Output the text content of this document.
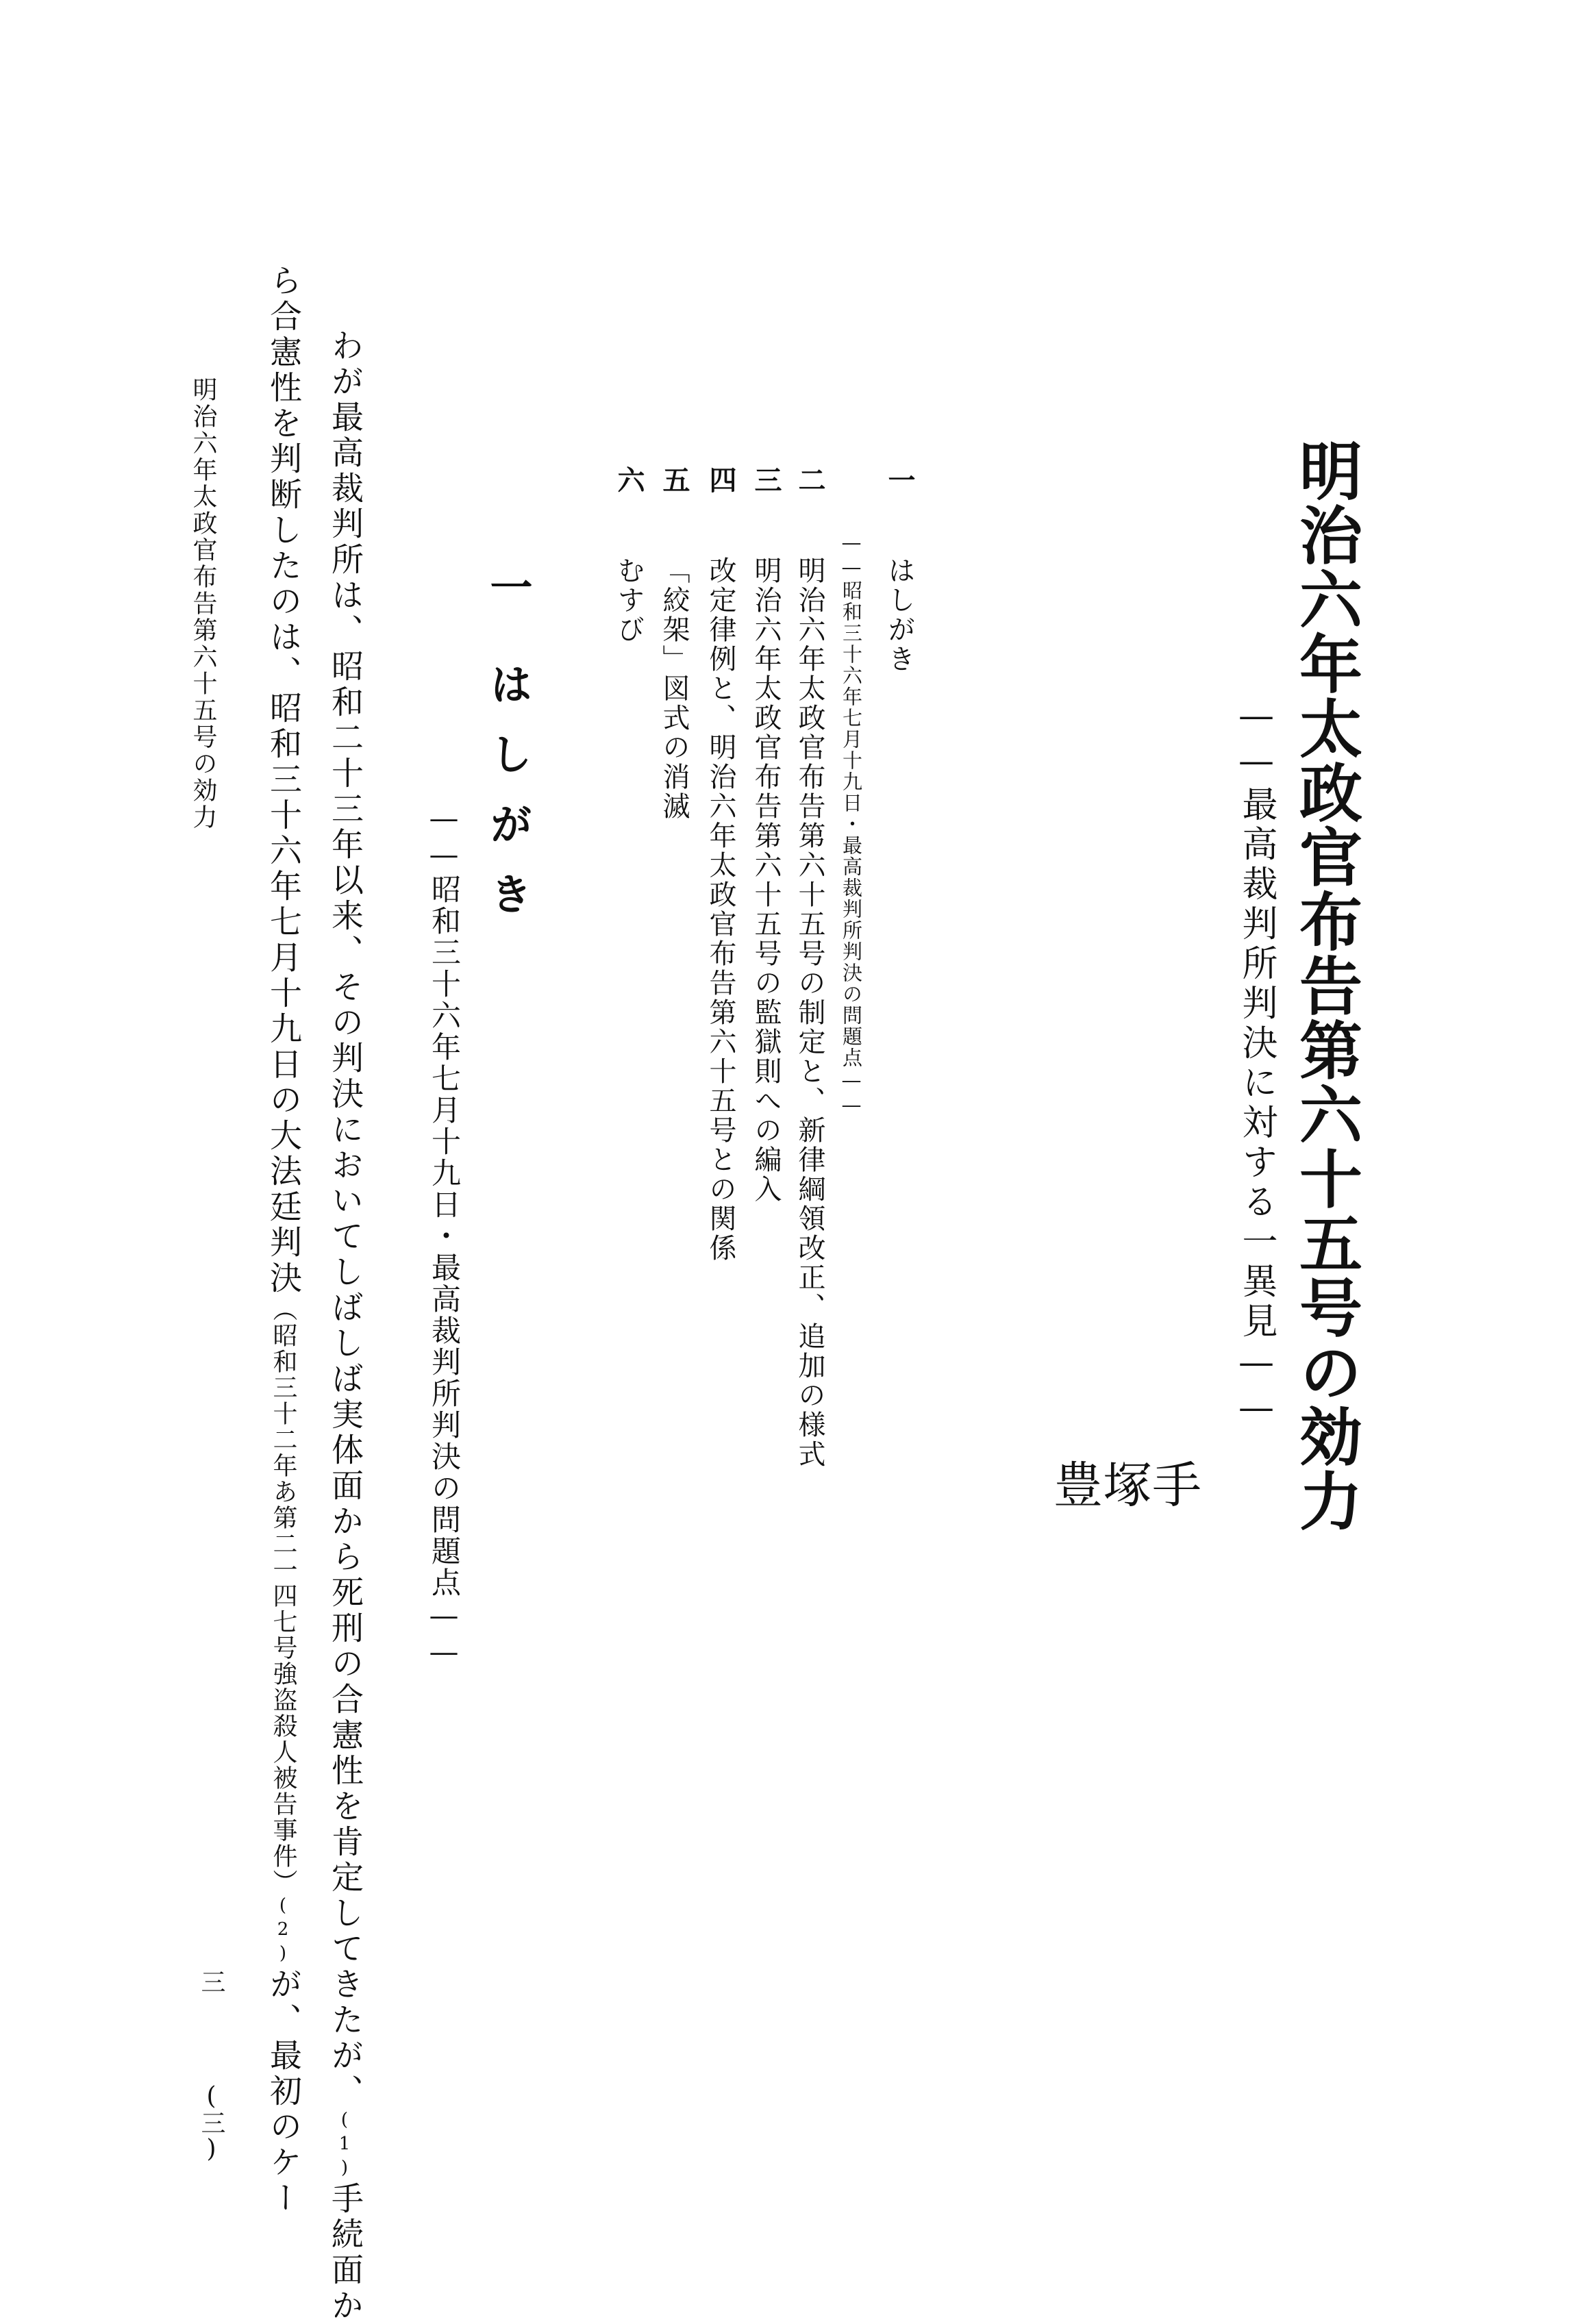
明治六年太政官布告第六十五号の効力
——最高裁判所判決に対する一異見——
手
塚
豊
一 はしがき
——昭和三十六年七月十九日・最高裁判所判決の問題点——
二 明治六年太政官布告第六十五号の制定と、新律綱領改正、追加の様式
三 明治六年太政官布告第六十五号の監獄則への編入
四 改定律例と、明治六年太政官布告第六十五号との関係
五 「絞架」図式の消滅
六 むすび
一はしがき
——昭和三十六年七月十九日・最高裁判所判決の問題点——
わが最高裁判所は、昭和二十三年以来、その判決においてしばしば実体面から死刑の合憲性を肯定してきたが、(1)手続面か
ら合憲性を判断したのは、昭和三十六年七月十九日の大法廷判決（昭和三十二年あ第二一四七号強盗殺人被告事件）(2)が、最初のケー
明治六年太政官布告第六十五号の効力
三
(三)
